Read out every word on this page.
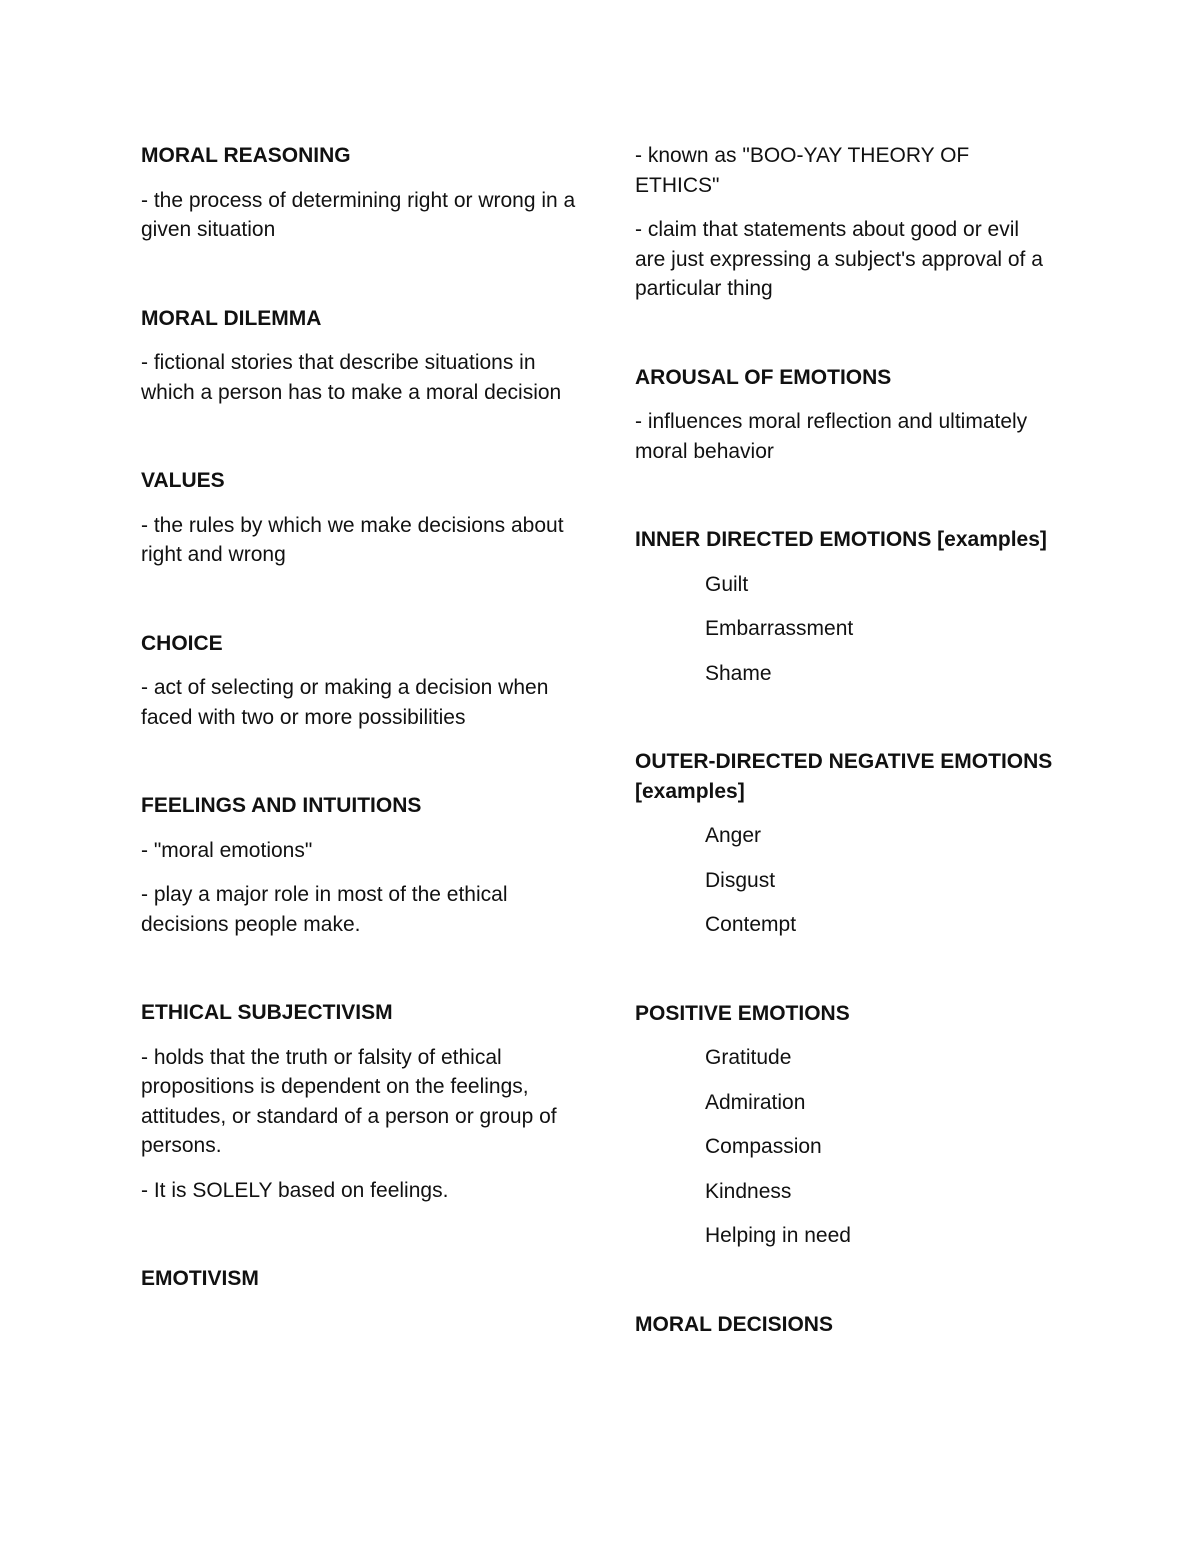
MORAL REASONING

- the process of determining right or wrong in a given situation

MORAL DILEMMA

- fictional stories that describe situations in which a person has to make a moral decision

VALUES

- the rules by which we make decisions about right and wrong

CHOICE

- act of selecting or making a decision when faced with two or more possibilities

FEELINGS AND INTUITIONS

- "moral emotions"

- play a major role in most of the ethical decisions people make.

ETHICAL SUBJECTIVISM

- holds that the truth or falsity of ethical propositions is dependent on the feelings, attitudes, or standard of a person or group of persons.

- It is SOLELY based on feelings.

EMOTIVISM

- known as "BOO-YAY THEORY OF ETHICS"

- claim that statements about good or evil are just expressing a subject's approval of a particular thing

AROUSAL OF EMOTIONS

- influences moral reflection and ultimately moral behavior

INNER DIRECTED EMOTIONS [examples]

Guilt

Embarrassment

Shame

OUTER-DIRECTED NEGATIVE EMOTIONS [examples]

Anger

Disgust

Contempt

POSITIVE EMOTIONS

Gratitude

Admiration

Compassion

Kindness

Helping in need

MORAL DECISIONS
